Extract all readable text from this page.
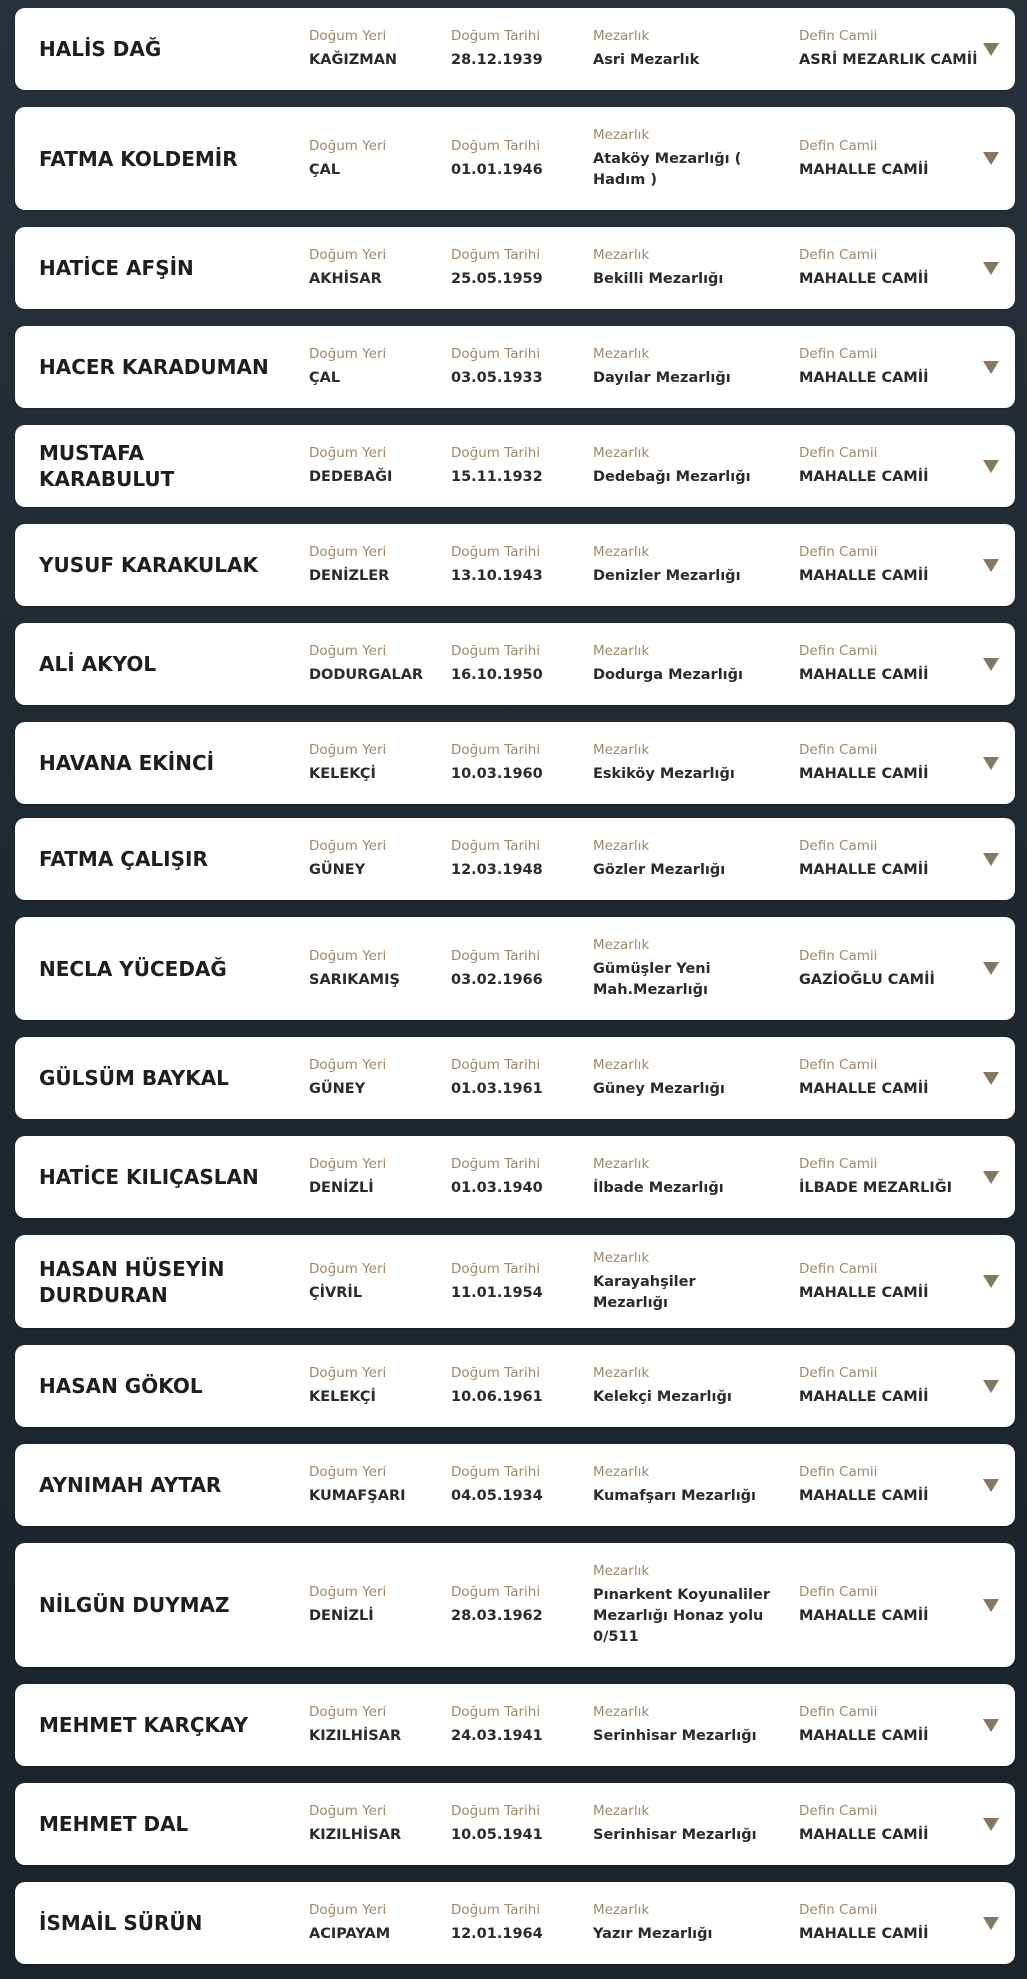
HALİS DAĞ
Doğum Yeri
KAĞIZMAN
Doğum Tarihi
28.12.1939
Mezarlık
Asri Mezarlık
Defin Camii
ASRİ MEZARLIK CAMİİ
FATMA KOLDEMİR
Doğum Yeri
ÇAL
Doğum Tarihi
01.01.1946
Mezarlık
Ataköy Mezarlığı ( Hadım )
Defin Camii
MAHALLE CAMİİ
HATİCE AFŞİN
Doğum Yeri
AKHİSAR
Doğum Tarihi
25.05.1959
Mezarlık
Bekilli Mezarlığı
Defin Camii
MAHALLE CAMİİ
HACER KARADUMAN
Doğum Yeri
ÇAL
Doğum Tarihi
03.05.1933
Mezarlık
Dayılar Mezarlığı
Defin Camii
MAHALLE CAMİİ
MUSTAFA KARABULUT
Doğum Yeri
DEDEBAĞI
Doğum Tarihi
15.11.1932
Mezarlık
Dedebağı Mezarlığı
Defin Camii
MAHALLE CAMİİ
YUSUF KARAKULAK
Doğum Yeri
DENİZLER
Doğum Tarihi
13.10.1943
Mezarlık
Denizler Mezarlığı
Defin Camii
MAHALLE CAMİİ
ALİ AKYOL
Doğum Yeri
DODURGALAR
Doğum Tarihi
16.10.1950
Mezarlık
Dodurga Mezarlığı
Defin Camii
MAHALLE CAMİİ
HAVANA EKİNCİ
Doğum Yeri
KELEKÇİ
Doğum Tarihi
10.03.1960
Mezarlık
Eskiköy Mezarlığı
Defin Camii
MAHALLE CAMİİ
FATMA ÇALIŞIR
Doğum Yeri
GÜNEY
Doğum Tarihi
12.03.1948
Mezarlık
Gözler Mezarlığı
Defin Camii
MAHALLE CAMİİ
NECLA YÜCEDAĞ
Doğum Yeri
SARIKAMIŞ
Doğum Tarihi
03.02.1966
Mezarlık
Gümüşler Yeni Mah.Mezarlığı
Defin Camii
GAZİOĞLU CAMİİ
GÜLSÜM BAYKAL
Doğum Yeri
GÜNEY
Doğum Tarihi
01.03.1961
Mezarlık
Güney Mezarlığı
Defin Camii
MAHALLE CAMİİ
HATİCE KILIÇASLAN
Doğum Yeri
DENİZLİ
Doğum Tarihi
01.03.1940
Mezarlık
İlbade Mezarlığı
Defin Camii
İLBADE MEZARLIĞI
HASAN HÜSEYİN DURDURAN
Doğum Yeri
ÇİVRİL
Doğum Tarihi
11.01.1954
Mezarlık
Karayahşiler Mezarlığı
Defin Camii
MAHALLE CAMİİ
HASAN GÖKOL
Doğum Yeri
KELEKÇİ
Doğum Tarihi
10.06.1961
Mezarlık
Kelekçi Mezarlığı
Defin Camii
MAHALLE CAMİİ
AYNIMAH AYTAR
Doğum Yeri
KUMAFŞARI
Doğum Tarihi
04.05.1934
Mezarlık
Kumafşarı Mezarlığı
Defin Camii
MAHALLE CAMİİ
NİLGÜN DUYMAZ
Doğum Yeri
DENİZLİ
Doğum Tarihi
28.03.1962
Mezarlık
Pınarkent Koyunaliler Mezarlığı Honaz yolu 0/511
Defin Camii
MAHALLE CAMİİ
MEHMET KARÇKAY
Doğum Yeri
KIZILHİSAR
Doğum Tarihi
24.03.1941
Mezarlık
Serinhisar Mezarlığı
Defin Camii
MAHALLE CAMİİ
MEHMET DAL
Doğum Yeri
KIZILHİSAR
Doğum Tarihi
10.05.1941
Mezarlık
Serinhisar Mezarlığı
Defin Camii
MAHALLE CAMİİ
İSMAİL SÜRÜN
Doğum Yeri
ACIPAYAM
Doğum Tarihi
12.01.1964
Mezarlık
Yazır Mezarlığı
Defin Camii
MAHALLE CAMİİ
